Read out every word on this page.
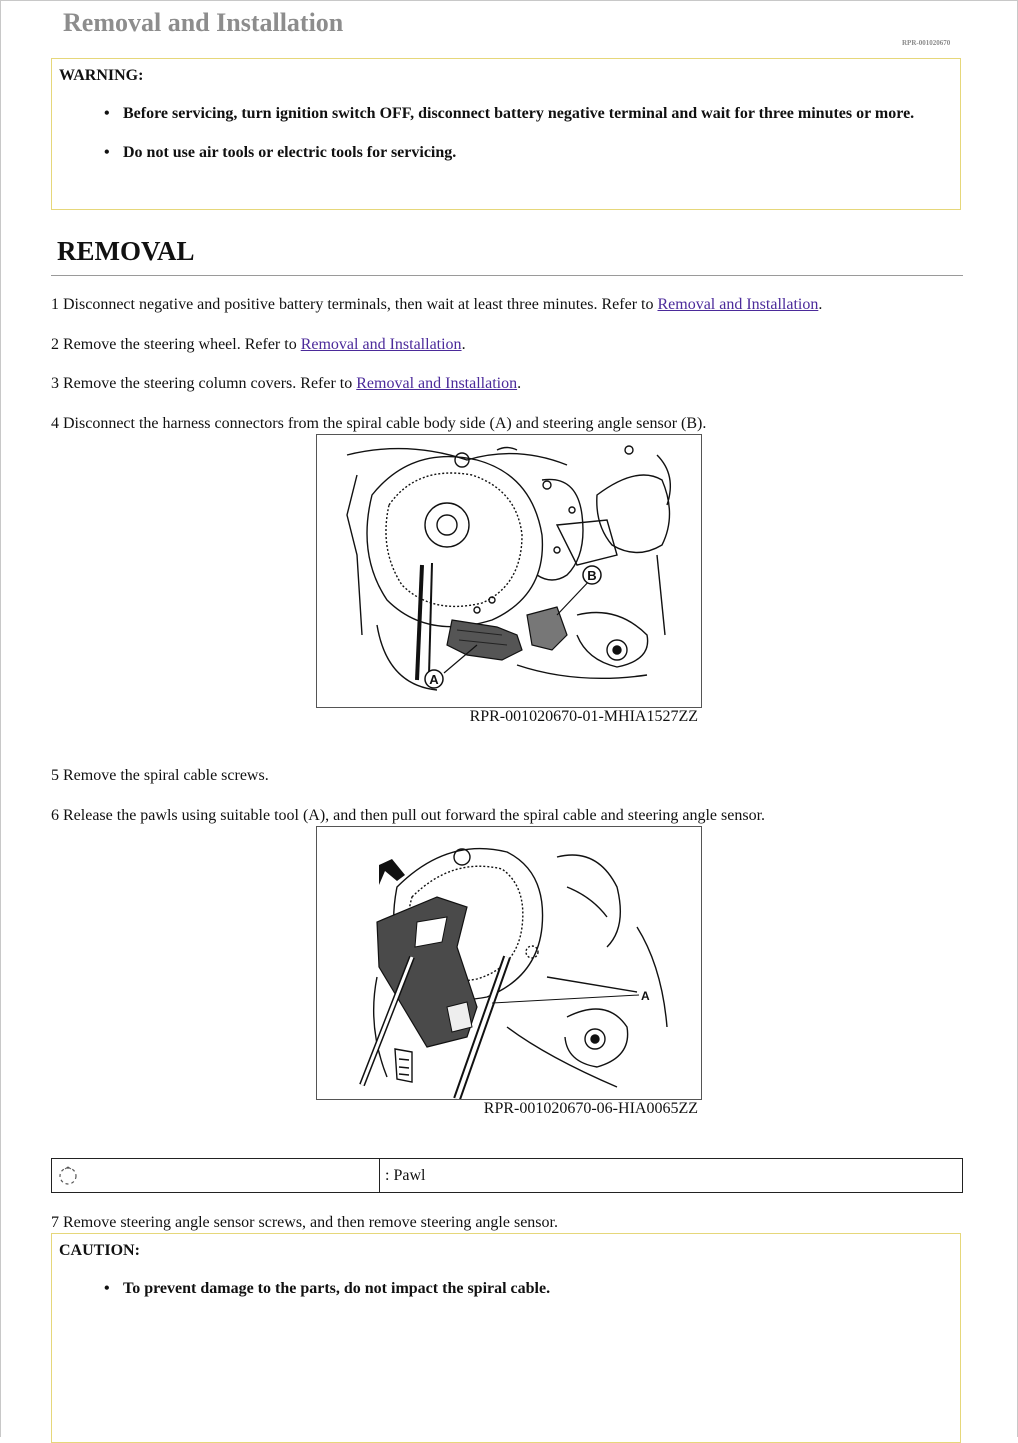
Removal and Installation
RPR-001020670
WARNING:
• Before servicing, turn ignition switch OFF, disconnect battery negative terminal and wait for three minutes or more.
• Do not use air tools or electric tools for servicing.
REMOVAL
1 Disconnect negative and positive battery terminals, then wait at least three minutes. Refer to Removal and Installation.
2 Remove the steering wheel. Refer to Removal and Installation.
3 Remove the steering column covers. Refer to Removal and Installation.
4 Disconnect the harness connectors from the spiral cable body side (A) and steering angle sensor (B).
A
B
RPR-001020670-01-MHIA1527ZZ
5 Remove the spiral cable screws.
6 Release the pawls using suitable tool (A), and then pull out forward the spiral cable and steering angle sensor.
A
RPR-001020670-06-HIA0065ZZ
: Pawl
7 Remove steering angle sensor screws, and then remove steering angle sensor.
CAUTION:
• To prevent damage to the parts, do not impact the spiral cable.
